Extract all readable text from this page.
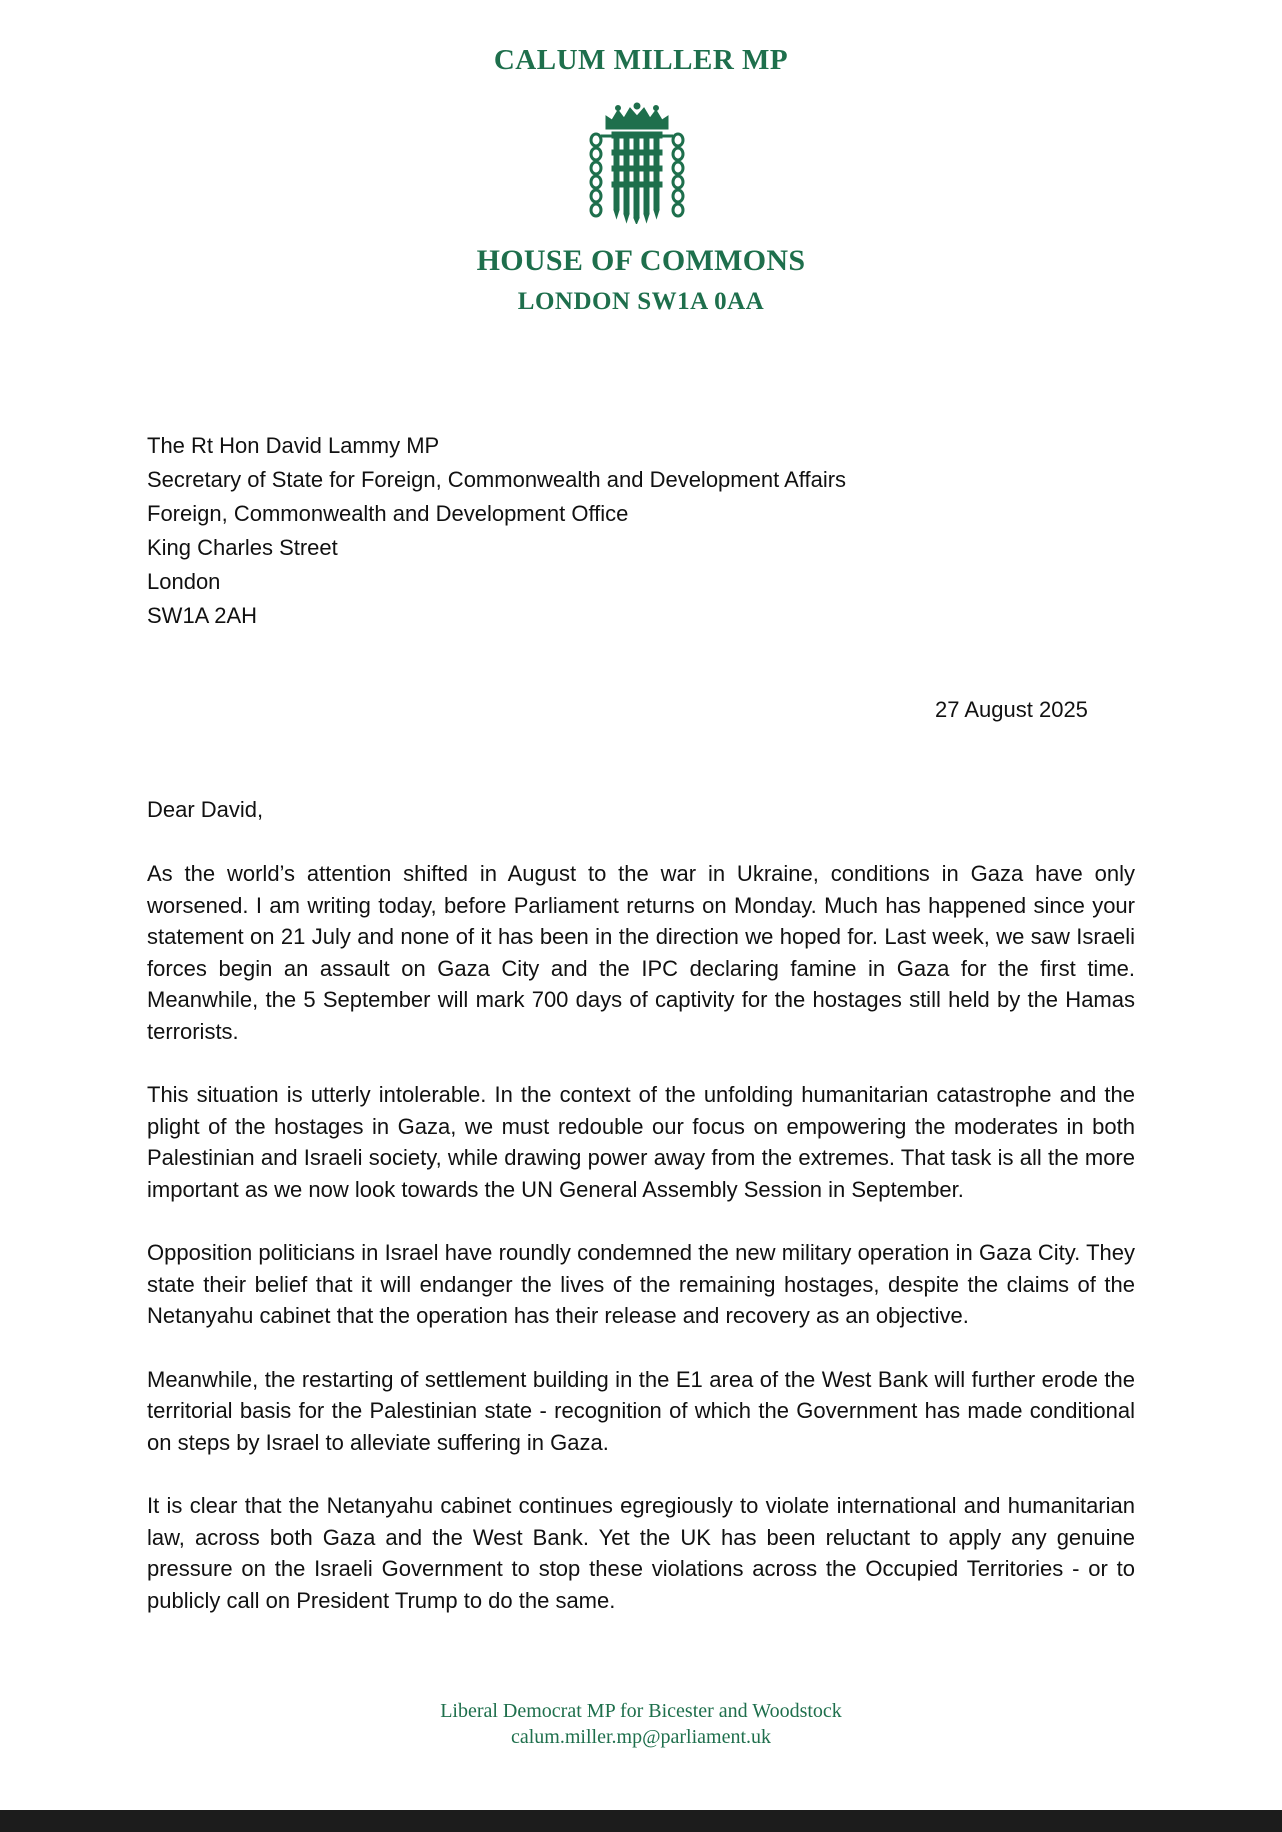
CALUM MILLER MP
HOUSE OF COMMONS
LONDON SW1A 0AA
The Rt Hon David Lammy MP
Secretary of State for Foreign, Commonwealth and Development Affairs
Foreign, Commonwealth and Development Office
King Charles Street
London
SW1A 2AH
27 August 2025
Dear David,

As the world’s attention shifted in August to the war in Ukraine, conditions in Gaza have only worsened. I am writing today, before Parliament returns on Monday. Much has happened since your statement on 21 July and none of it has been in the direction we hoped for. Last week, we saw Israeli forces begin an assault on Gaza City and the IPC declaring famine in Gaza for the first time. Meanwhile, the 5 September will mark 700 days of captivity for the hostages still held by the Hamas terrorists.

This situation is utterly intolerable. In the context of the unfolding humanitarian catastrophe and the plight of the hostages in Gaza, we must redouble our focus on empowering the moderates in both Palestinian and Israeli society, while drawing power away from the extremes. That task is all the more important as we now look towards the UN General Assembly Session in September.

Opposition politicians in Israel have roundly condemned the new military operation in Gaza City. They state their belief that it will endanger the lives of the remaining hostages, despite the claims of the Netanyahu cabinet that the operation has their release and recovery as an objective.

Meanwhile, the restarting of settlement building in the E1 area of the West Bank will further erode the territorial basis for the Palestinian state - recognition of which the Government has made conditional on steps by Israel to alleviate suffering in Gaza.

It is clear that the Netanyahu cabinet continues egregiously to violate international and humanitarian law, across both Gaza and the West Bank. Yet the UK has been reluctant to apply any genuine pressure on the Israeli Government to stop these violations across the Occupied Territories - or to publicly call on President Trump to do the same.

Liberal Democrat MP for Bicester and Woodstock
calum.miller.mp@parliament.uk
